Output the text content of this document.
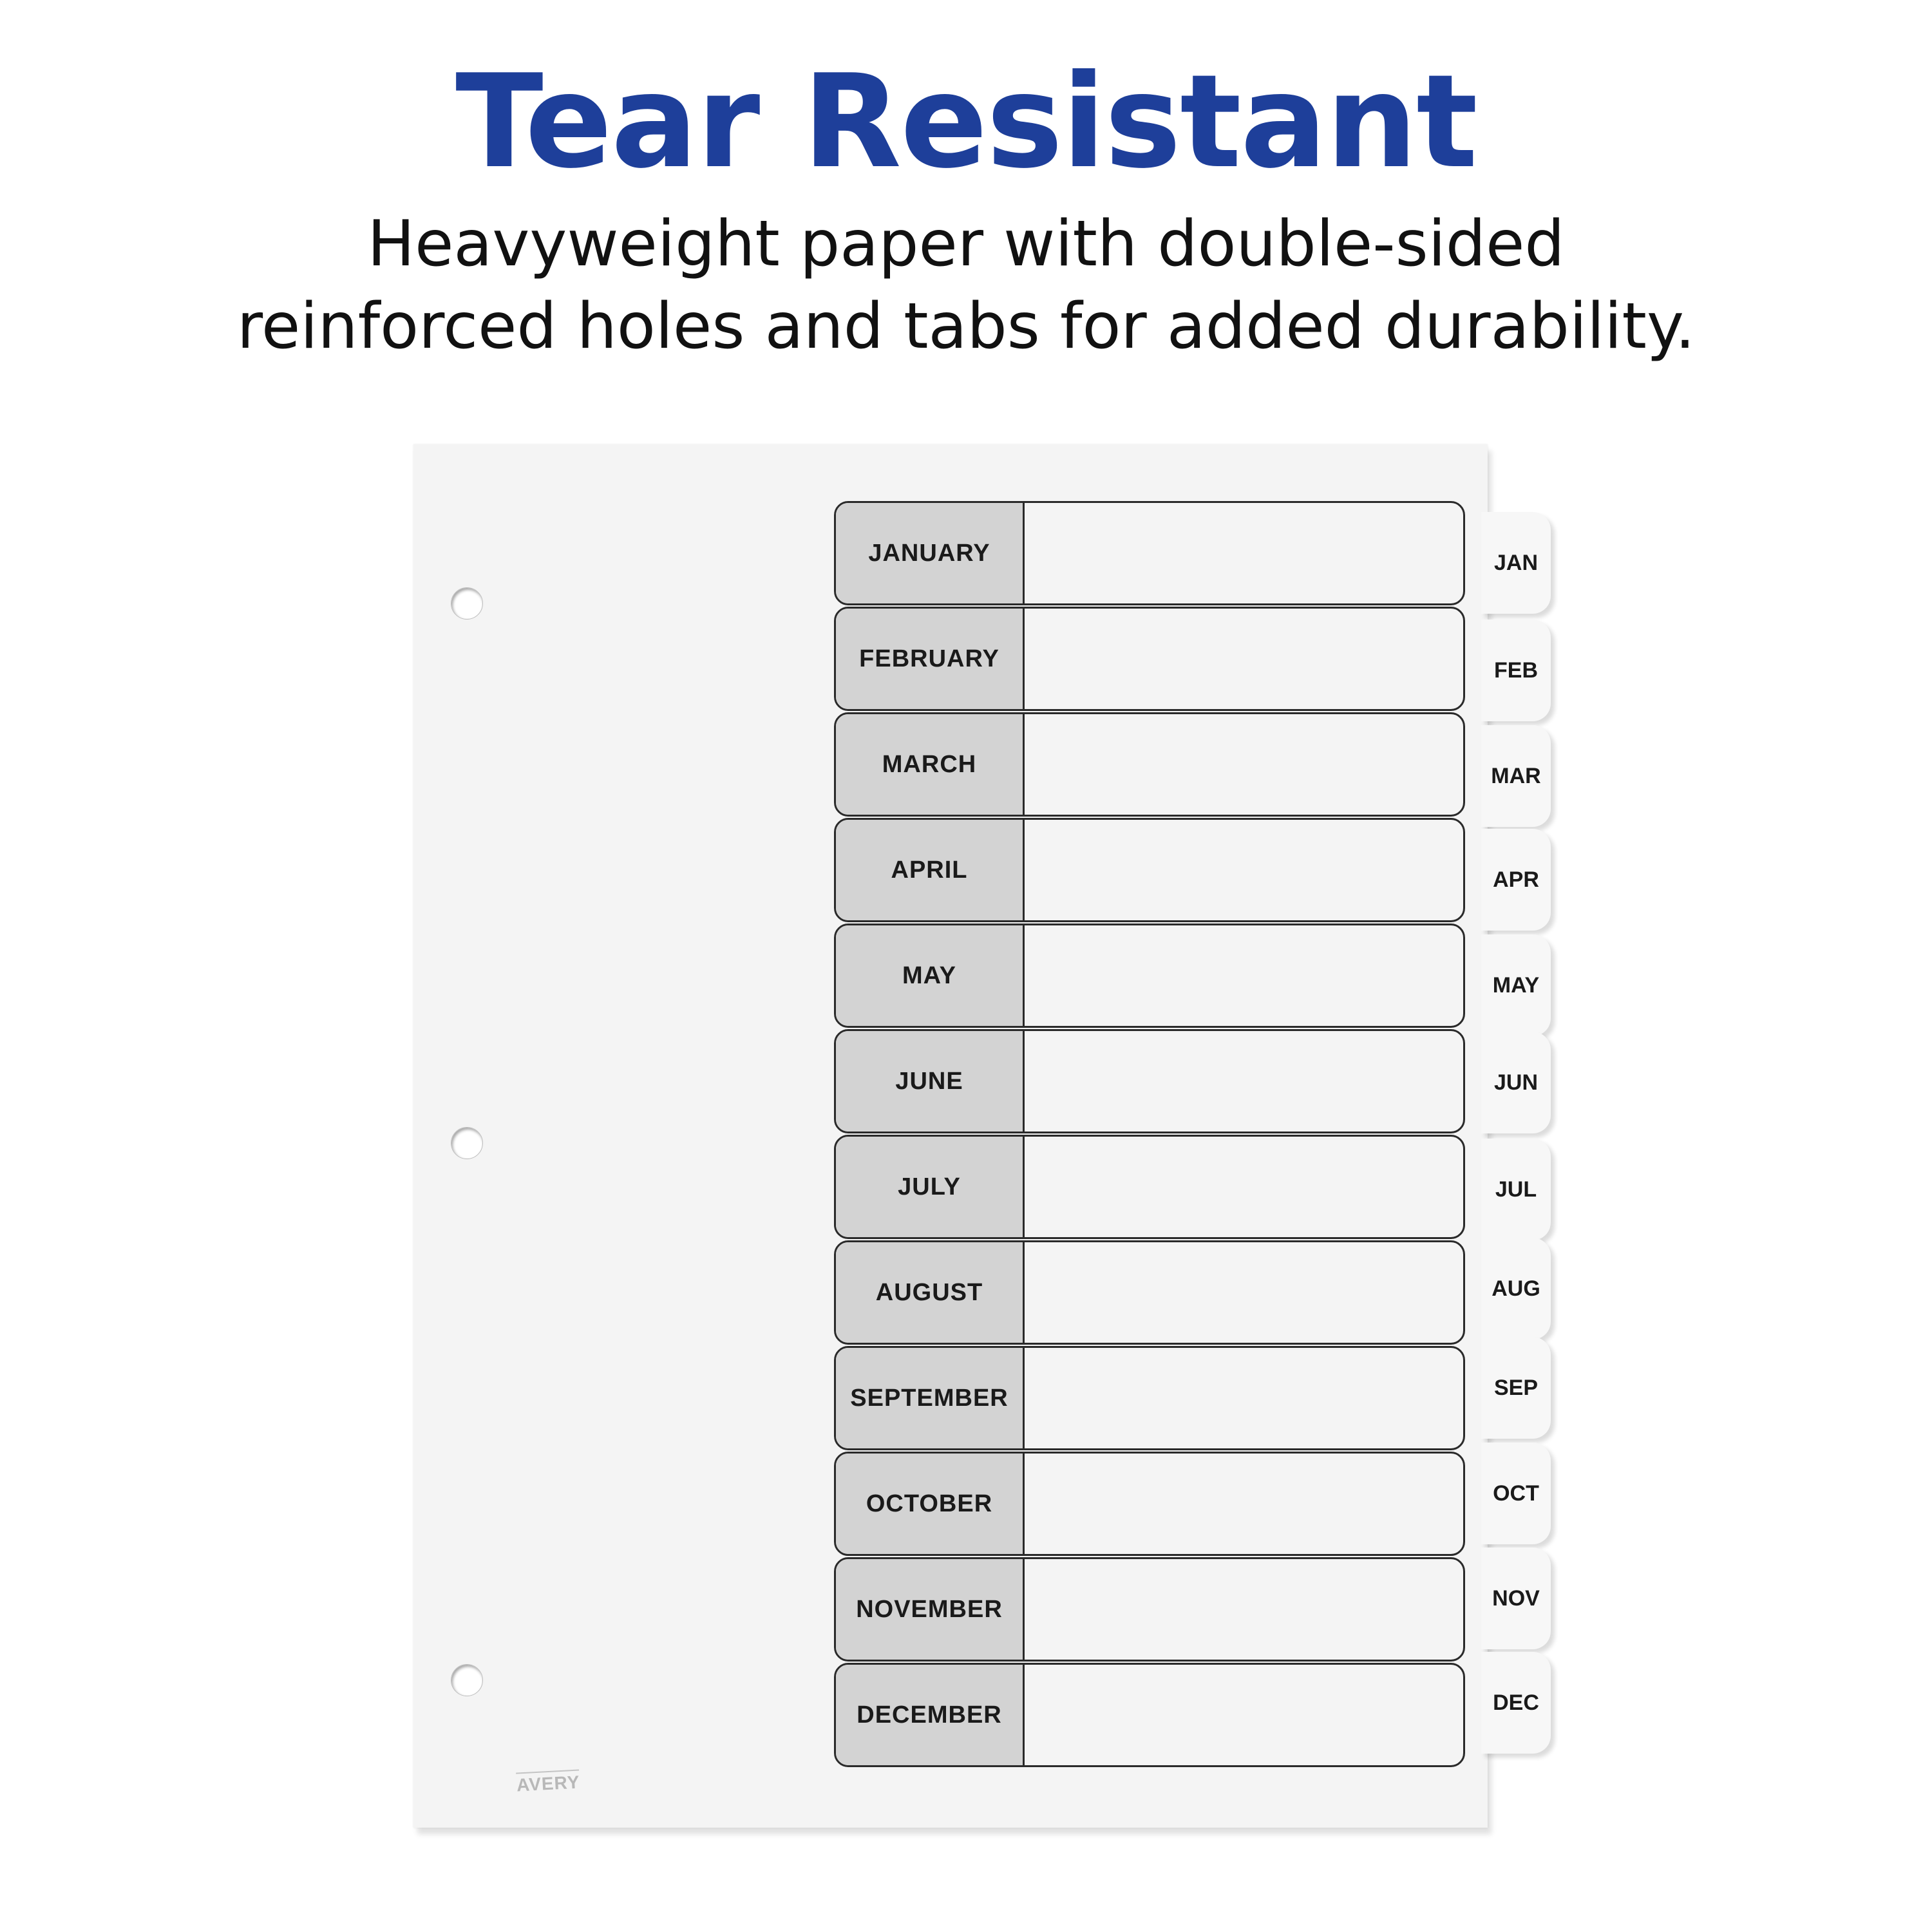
Tear Resistant
Heavyweight paper with double-sided
reinforced holes and tabs for added durability.
AVERY
JANUARY
FEBRUARY
MARCH
APRIL
MAY
JUNE
JULY
AUGUST
SEPTEMBER
OCTOBER
NOVEMBER
DECEMBER
JAN
FEB
MAR
APR
MAY
JUN
JUL
AUG
SEP
OCT
NOV
DEC
